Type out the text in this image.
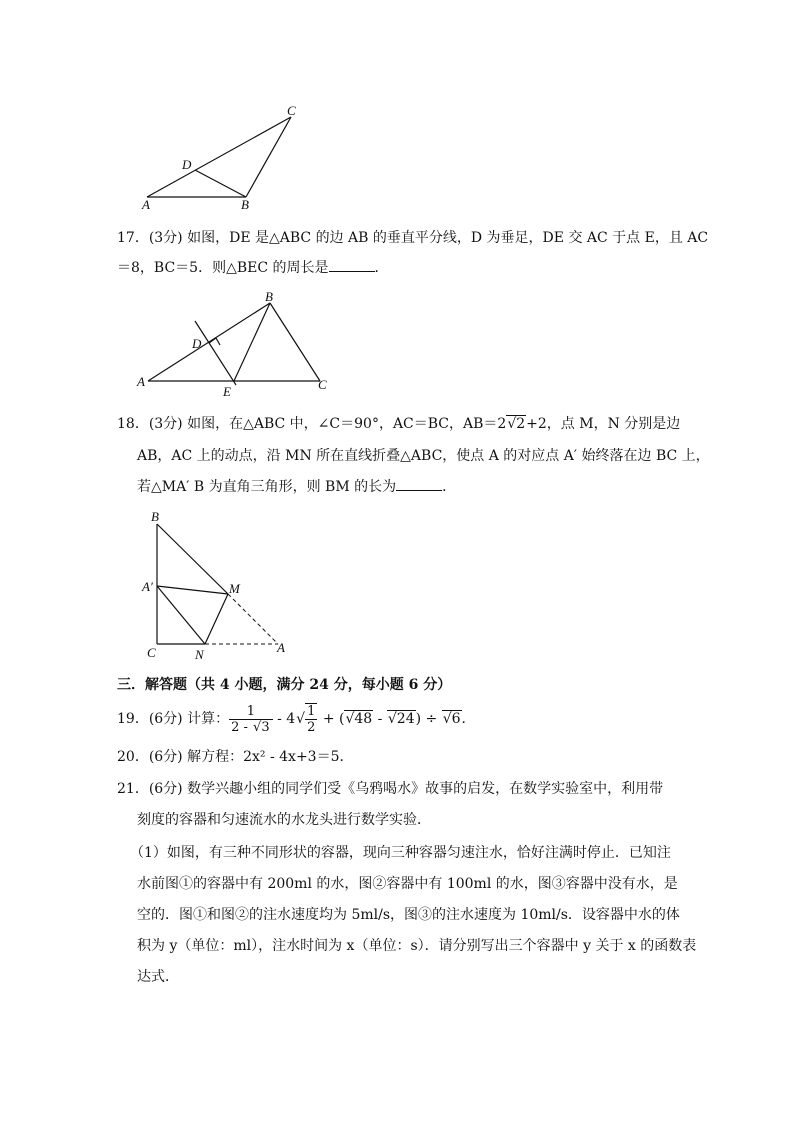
C
D
A	B
17．(3分) 如图，DE 是△ABC 的边 AB 的垂直平分线，D 为垂足，DE 交 AC 于点 E，且 AC
＝8，BC＝5．则△BEC 的周长是	．
B
D
A
E	C
18．(3分) 如图，在△ABC 中，∠C＝90°，AC＝BC，AB＝2√2+2，点 M，N 分别是边
AB，AC 上的动点，沿 MN 所在直线折叠△ABC，使点 A 的对应点 A′ 始终落在边 BC 上，
若△MA′ B 为直角三角形，则 BM 的长为	．
B
A′	M
C	N	A
三．解答题（共 4 小题，满分 24 分，每小题 6 分）
19．(6分) 计算： $\frac{1}{2 - √3} - 4√ \frac{1}{2} + (√48 - √24) \div √6$．
20．(6分) 解方程：2x² - 4x+3＝5．
21．(6分) 数学兴趣小组的同学们受《乌鸦喝水》故事的启发，在数学实验室中，利用带
刻度的容器和匀速流水的水龙头进行数学实验．
（1）如图，有三种不同形状的容器，现向三种容器匀速注水，恰好注满时停止．已知注
水前图①的容器中有 200ml 的水，图②容器中有 100ml 的水，图③容器中没有水，是
空的．图①和图②的注水速度均为 5ml/s，图③的注水速度为 10ml/s．设容器中水的体
积为 y（单位：ml），注水时间为 x（单位：s）．请分别写出三个容器中 y 关于 x 的函数表
达式．
